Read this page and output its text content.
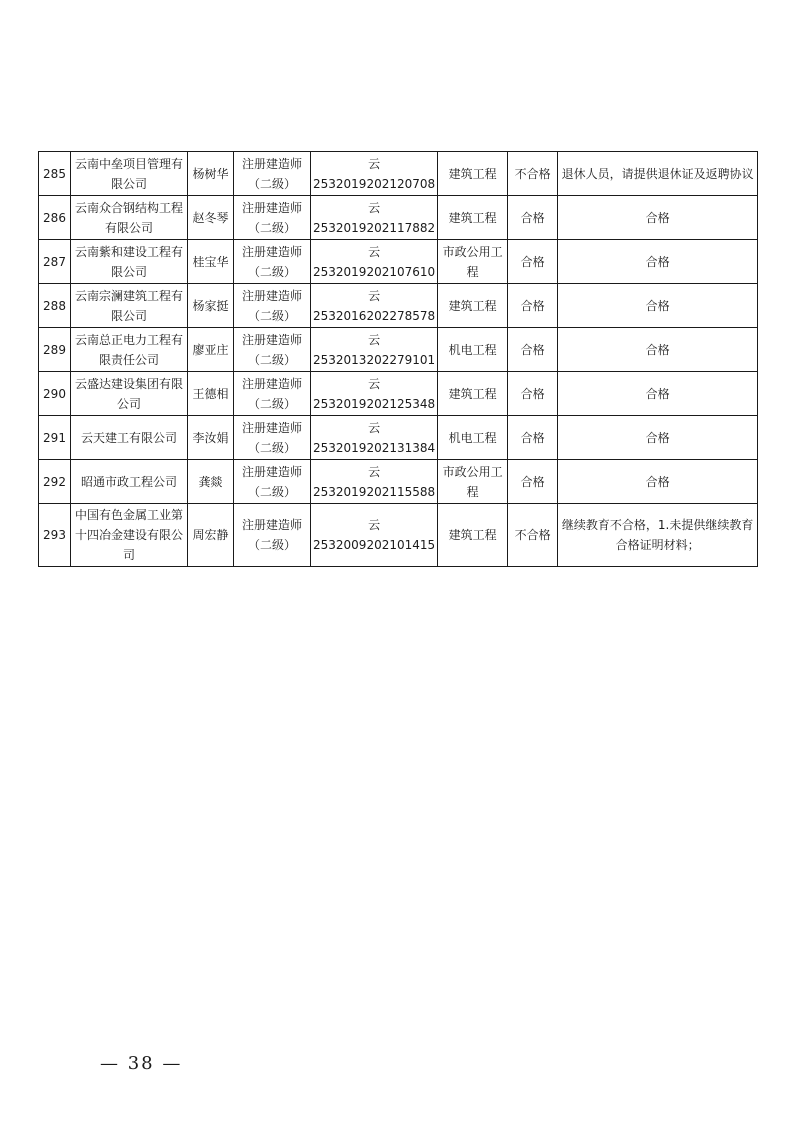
285	云南中垒项目管理有限公司	杨树华	注册建造师（二级）	云 2532019202120708	建筑工程	不合格	退休人员，请提供退休证及返聘协议
286	云南众合钢结构工程有限公司	赵冬琴	注册建造师（二级）	云 2532019202117882	建筑工程	合格	合格
287	云南紫和建设工程有限公司	桂宝华	注册建造师（二级）	云 2532019202107610	市政公用工程	合格	合格
288	云南宗澜建筑工程有限公司	杨家挺	注册建造师（二级）	云 2532016202278578	建筑工程	合格	合格
289	云南总正电力工程有限责任公司	廖亚庄	注册建造师（二级）	云 2532013202279101	机电工程	合格	合格
290	云盛达建设集团有限公司	王德相	注册建造师（二级）	云 2532019202125348	建筑工程	合格	合格
291	云天建工有限公司	李汝娟	注册建造师（二级）	云 2532019202131384	机电工程	合格	合格
292	昭通市政工程公司	龚燚	注册建造师（二级）	云 2532019202115588	市政公用工程	合格	合格
293	中国有色金属工业第十四冶金建设有限公司	周宏静	注册建造师（二级）	云 2532009202101415	建筑工程	不合格	继续教育不合格，1.未提供继续教育合格证明材料；
— 38 —
